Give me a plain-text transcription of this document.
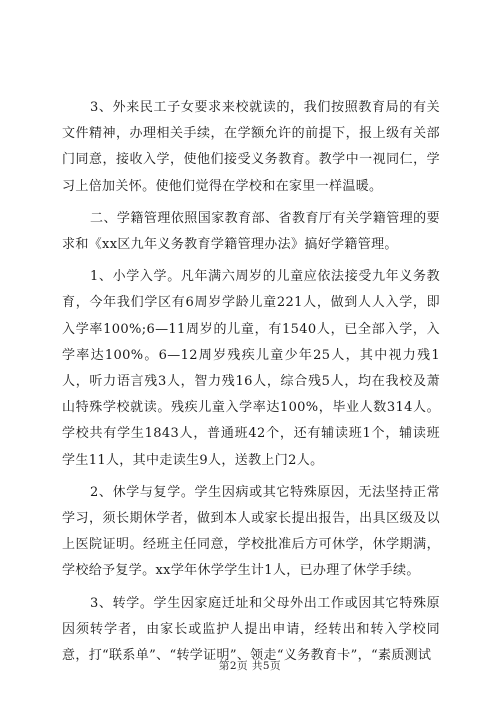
3、外来民工子女要求来校就读的，我们按照教育局的有关文件精神，办理相关手续，在学额允许的前提下，报上级有关部门同意，接收入学，使他们接受义务教育。教学中一视同仁，学习上倍加关怀。使他们觉得在学校和在家里一样温暖。

二、学籍管理依照国家教育部、省教育厅有关学籍管理的要求和《xx区九年义务教育学籍管理办法》搞好学籍管理。

1、小学入学。凡年满六周岁的儿童应依法接受九年义务教育，今年我们学区有6周岁学龄儿童221人，做到人人入学，即入学率100%;6—11周岁的儿童，有1540人，已全部入学，入学率达100%。6—12周岁残疾儿童少年25人，其中视力残1人，听力语言残3人，智力残16人，综合残5人，均在我校及萧山特殊学校就读。残疾儿童入学率达100%，毕业人数314人。学校共有学生1843人，普通班42个，还有辅读班1个，辅读班学生11人，其中走读生9人，送教上门2人。

2、休学与复学。学生因病或其它特殊原因，无法坚持正常学习，须长期休学者，做到本人或家长提出报告，出具区级及以上医院证明。经班主任同意，学校批准后方可休学，休学期满，学校给予复学。xx学年休学学生计1人，已办理了休学手续。

3、转学。学生因家庭迁址和父母外出工作或因其它特殊原因须转学者，由家长或监护人提出申请，经转出和转入学校同意，打“联系单”、“转学证明”、领走“义务教育卡”，“素质测试

第2页 共5页
